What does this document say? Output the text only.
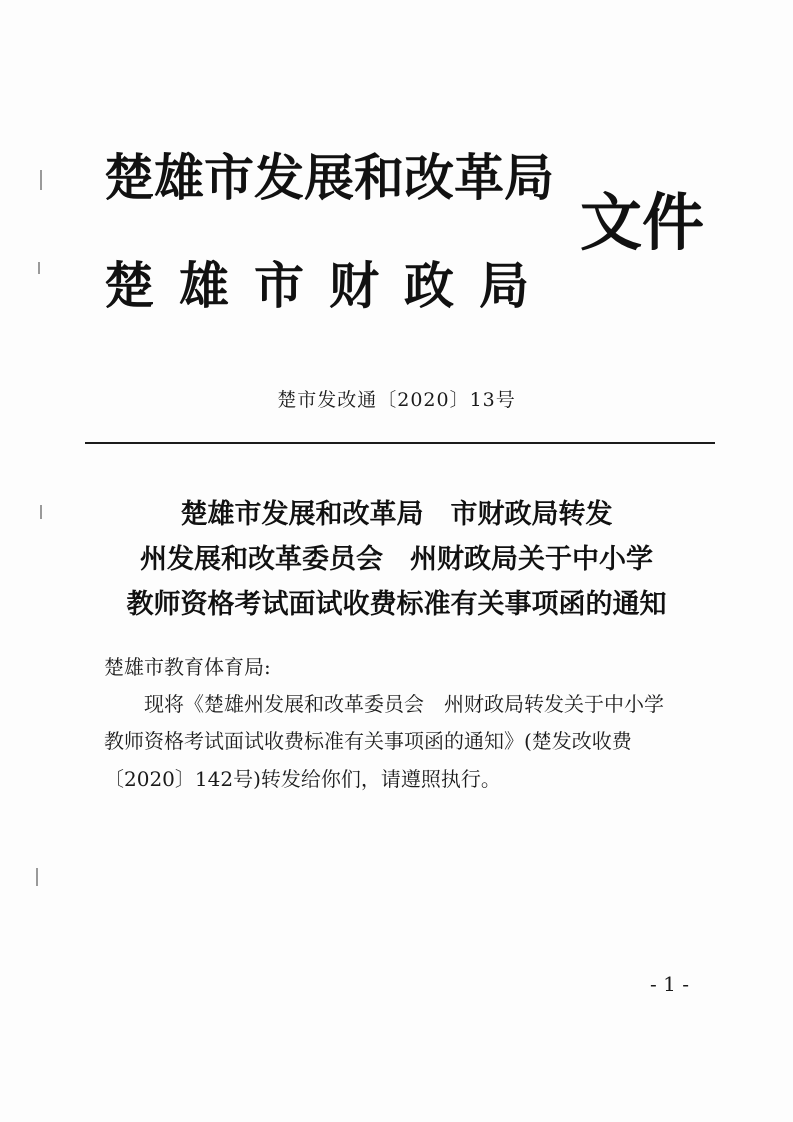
楚雄市发展和改革局
楚雄市财政局
文件
楚市发改通〔2020〕13号
楚雄市发展和改革局　市财政局转发
州发展和改革委员会　州财政局关于中小学
教师资格考试面试收费标准有关事项函的通知
楚雄市教育体育局:
现将《楚雄州发展和改革委员会　州财政局转发关于中小学
教师资格考试面试收费标准有关事项函的通知》(楚发改收费
〔2020〕142号)转发给你们，请遵照执行。
- 1 -
